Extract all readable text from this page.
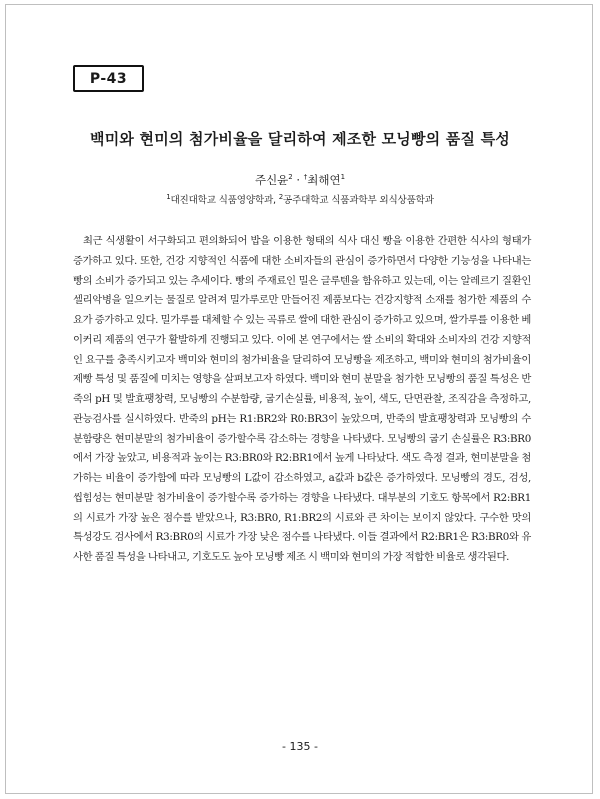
P-43
백미와 현미의 첨가비율을 달리하여 제조한 모닝빵의 품질 특성
주신윤$^2$ · †최해연$^1$
$^1$대진대학교 식품영양학과, $^2$공주대학교 식품과학부 외식상품학과
최근 식생활이 서구화되고 편의화되어 밥을 이용한 형태의 식사 대신 빵을 이용한 간편한 식사의 형태가 증가하고 있다. 또한, 건강 지향적인 식품에 대한 소비자들의 관심이 증가하면서 다양한 기능성을 나타내는 빵의 소비가 증가되고 있는 추세이다. 빵의 주재료인 밀은 글루텐을 함유하고 있는데, 이는 알레르기 질환인 셀리악병을 일으키는 물질로 알려져 밀가루로만 만들어진 제품보다는 건강지향적 소재를 첨가한 제품의 수요가 증가하고 있다. 밀가루를 대체할 수 있는 곡류로 쌀에 대한 관심이 증가하고 있으며, 쌀가루를 이용한 베이커리 제품의 연구가 활발하게 진행되고 있다. 이에 본 연구에서는 쌀 소비의 확대와 소비자의 건강 지향적인 요구를 충족시키고자 백미와 현미의 첨가비율을 달리하여 모닝빵을 제조하고, 백미와 현미의 첨가비율이 제빵 특성 및 품질에 미치는 영향을 살펴보고자 하였다. 백미와 현미 분말을 첨가한 모닝빵의 품질 특성은 반죽의 pH 및 발효팽창력, 모닝빵의 수분함량, 굽기손실률, 비용적, 높이, 색도, 단면관찰, 조직감을 측정하고, 관능검사를 실시하였다. 반죽의 pH는 R1:BR2와 R0:BR3이 높았으며, 반죽의 발효팽창력과 모닝빵의 수분함량은 현미분말의 첨가비율이 증가할수록 감소하는 경향을 나타냈다. 모닝빵의 굽기 손실률은 R3:BR0에서 가장 높았고, 비용적과 높이는 R3:BR0와 R2:BR1에서 높게 나타났다. 색도 측정 결과, 현미분말을 첨가하는 비율이 증가함에 따라 모닝빵의 L값이 감소하였고, a값과 b값은 증가하였다. 모닝빵의 경도, 검성, 씹힘성는 현미분말 첨가비율이 증가할수록 증가하는 경향을 나타냈다. 대부분의 기호도 항목에서 R2:BR1의 시료가 가장 높은 점수를 받았으나, R3:BR0, R1:BR2의 시료와 큰 차이는 보이지 않았다. 구수한 맛의 특성강도 검사에서 R3:BR0의 시료가 가장 낮은 점수를 나타냈다. 이들 결과에서 R2:BR1은 R3:BR0와 유사한 품질 특성을 나타내고, 기호도도 높아 모닝빵 제조 시 백미와 현미의 가장 적합한 비율로 생각된다.
- 135 -
